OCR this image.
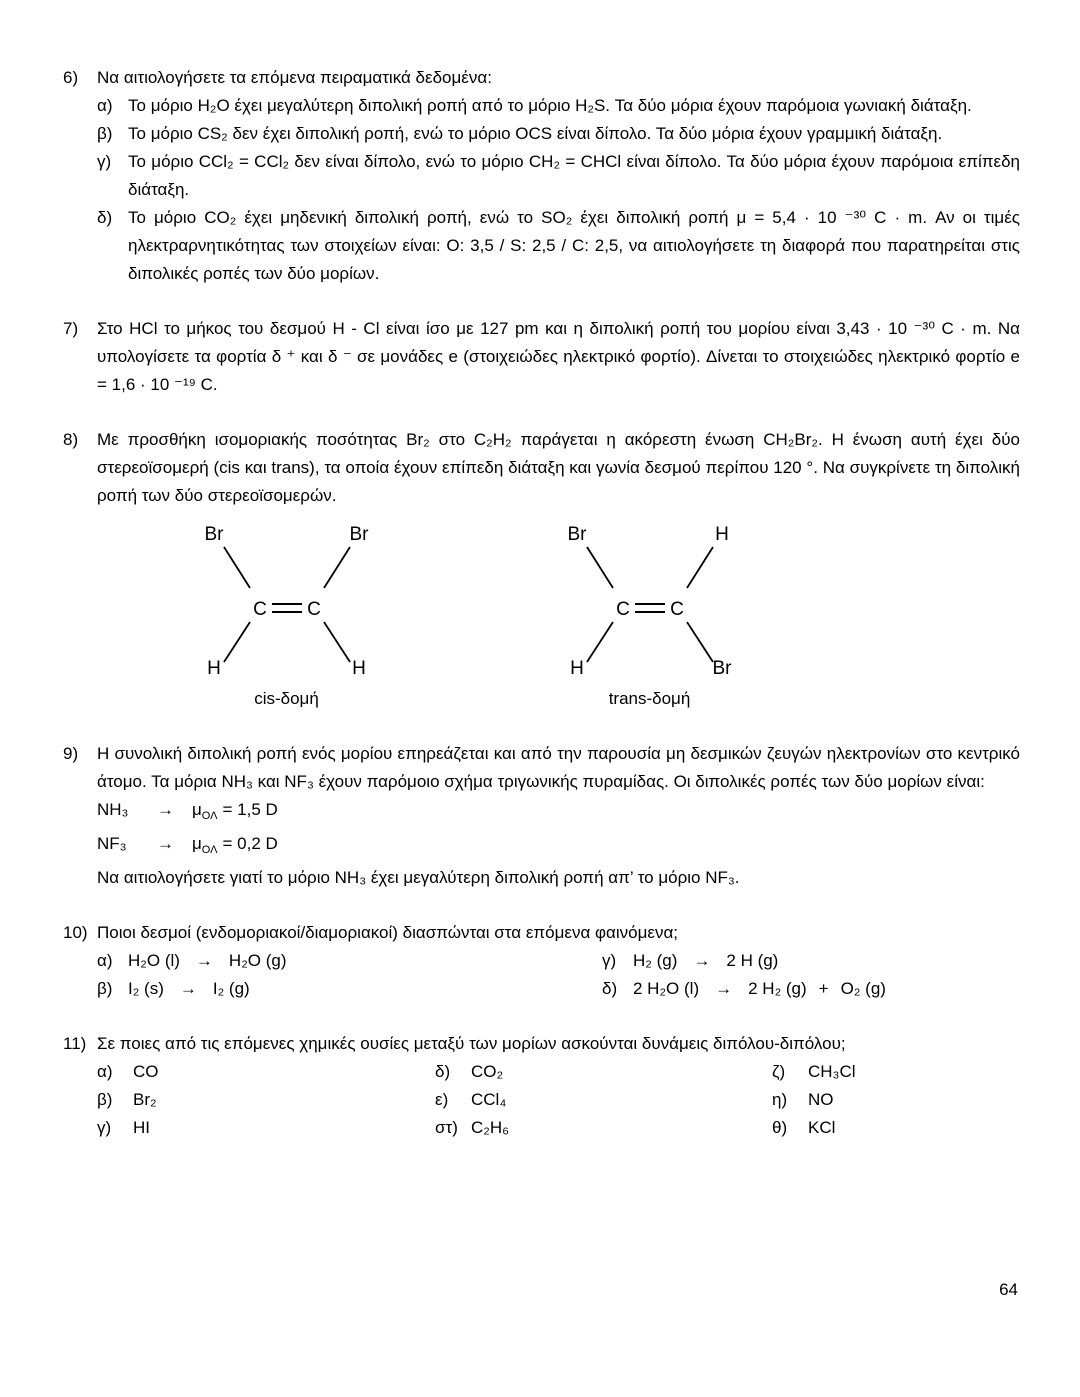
6)	Να αιτιολογήσετε τα επόμενα πειραματικά δεδομένα:

α) Το μόριο H₂O έχει μεγαλύτερη διπολική ροπή από το μόριο H₂S. Τα δύο μόρια έχουν παρόμοια γωνιακή διάταξη.
β) Το μόριο CS₂ δεν έχει διπολική ροπή, ενώ το μόριο OCS είναι δίπολο. Τα δύο μόρια έχουν γραμμική διάταξη.
γ) Το μόριο CCl₂ = CCl₂ δεν είναι δίπολο, ενώ το μόριο CH₂ = CHCl είναι δίπολο. Τα δύο μόρια έχουν παρόμοια επίπεδη διάταξη.
δ) Το μόριο CO₂ έχει μηδενική διπολική ροπή, ενώ το SO₂ έχει διπολική ροπή μ = 5,4 · 10 ⁻³⁰ C · m. Αν οι τιμές ηλεκτραρνητικότητας των στοιχείων είναι: O: 3,5 / S: 2,5 / C: 2,5, να αιτιολογήσετε τη διαφορά που παρατηρείται στις διπολικές ροπές των δύο μορίων.
7)	Στο HCl το μήκος του δεσμού H - Cl είναι ίσο με 127 pm και η διπολική ροπή του μορίου είναι 3,43 · 10 ⁻³⁰ C · m. Να υπολογίσετε τα φορτία δ ⁺ και δ ⁻ σε μονάδες e (στοιχειώδες ηλεκτρικό φορτίο). Δίνεται το στοιχειώδες ηλεκτρικό φορτίο e = 1,6 · 10 ⁻¹⁹ C.

8)	Με προσθήκη ισομοριακής ποσότητας Br₂ στο C₂H₂ παράγεται η ακόρεστη ένωση CH₂Br₂. Η ένωση αυτή έχει δύο στερεοϊσομερή (cis και trans), τα οποία έχουν επίπεδη διάταξη και γωνία δεσμού περίπου 120 °. Να συγκρίνετε τη διπολική ροπή των δύο στερεοϊσομερών.

Br	Br
C C
H	H
cis-δομή
Br	H
C C
H	Br
trans-δομή
9)	Η συνολική διπολική ροπή ενός μορίου επηρεάζεται και από την παρουσία μη δεσμικών ζευγών ηλεκτρονίων στο κεντρικό άτομο. Τα μόρια NH₃ και NF₃ έχουν παρόμοιο σχήμα τριγωνικής πυραμίδας. Οι διπολικές ροπές των δύο μορίων είναι:

$NH_3 \to \mu_{O\Lambda} = 1,5$ D
$NF_3 \to \mu_{O\Lambda} = 0,2$ D

Να αιτιολογήσετε γιατί το μόριο NH₃ έχει μεγαλύτερη διπολική ροπή απ’ το μόριο NF₃.

10) Ποιοι δεσμοί (ενδομοριακοί/διαμοριακοί) διασπώνται στα επόμενα φαινόμενα;

α) H₂O (l) → H₂O (g)	γ) H₂ (g) → 2 H (g)
β) I₂ (s) → I₂ (g)	δ) 2 H₂O (l) → 2 H₂ (g) + O₂ (g)
11) Σε ποιες από τις επόμενες χημικές ουσίες μεταξύ των μορίων ασκούνται δυνάμεις διπόλου-διπόλου;

α)	CO	δ)	CO₂	ζ)	CH₃Cl
β)	Br₂	ε)	CCl₄	η)	NO
γ)	HI	στ) C₂H₆	θ)	KCl
64
